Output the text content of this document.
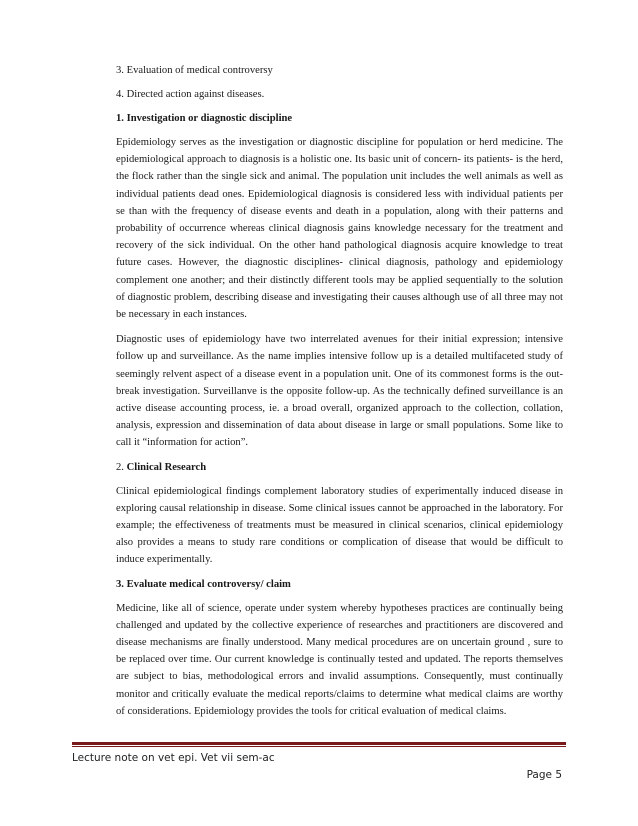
3. Evaluation of medical controversy

4. Directed action against diseases.

1. Investigation or diagnostic discipline

Epidemiology serves as the investigation or diagnostic discipline for population or herd medicine. The epidemiological approach to diagnosis is a holistic one. Its basic unit of concern- its patients- is the herd, the flock rather than the single sick and animal. The population unit includes the well animals as well as individual patients dead ones. Epidemiological diagnosis is considered less with individual patients per se than with the frequency of disease events and death in a population, along with their patterns and probability of occurrence whereas clinical diagnosis gains knowledge necessary for the treatment and recovery of the sick individual. On the other hand pathological diagnosis acquire knowledge to treat future cases. However, the diagnostic disciplines- clinical diagnosis, pathology and epidemiology complement one another; and their distinctly different tools may be applied sequentially to the solution of diagnostic problem, describing disease and investigating their causes although use of all three may not be necessary in each instances.

Diagnostic uses of epidemiology have two interrelated avenues for their initial expression; intensive follow up and surveillance. As the name implies intensive follow up is a detailed multifaceted study of seemingly relvent aspect of a disease event in a population unit. One of its commonest forms is the out-break investigation. Surveillanve is the opposite follow-up. As the technically defined surveillance is an active disease accounting process, ie. a broad overall, organized approach to the collection, collation, analysis, expression and dissemination of data about disease in large or small populations. Some like to call it “information for action”.

2. Clinical Research

Clinical epidemiological findings complement laboratory studies of experimentally induced disease in exploring causal relationship in disease. Some clinical issues cannot be approached in the laboratory. For example; the effectiveness of treatments must be measured in clinical scenarios, clinical epidemiology also provides a means to study rare conditions or complication of disease that would be difficult to induce experimentally.

3. Evaluate medical controversy/ claim

Medicine, like all of science, operate under system whereby hypotheses practices are continually being challenged and updated by the collective experience of researches and practitioners are discovered and disease mechanisms are finally understood. Many medical procedures are on uncertain ground , sure to be replaced over time. Our current knowledge is continually tested and updated. The reports themselves are subject to bias, methodological errors and invalid assumptions. Consequently, must continually monitor and critically evaluate the medical reports/claims to determine what medical claims are worthy of considerations. Epidemiology provides the tools for critical evaluation of medical claims.

Lecture note on vet epi. Vet vii sem-ac
Page 5
